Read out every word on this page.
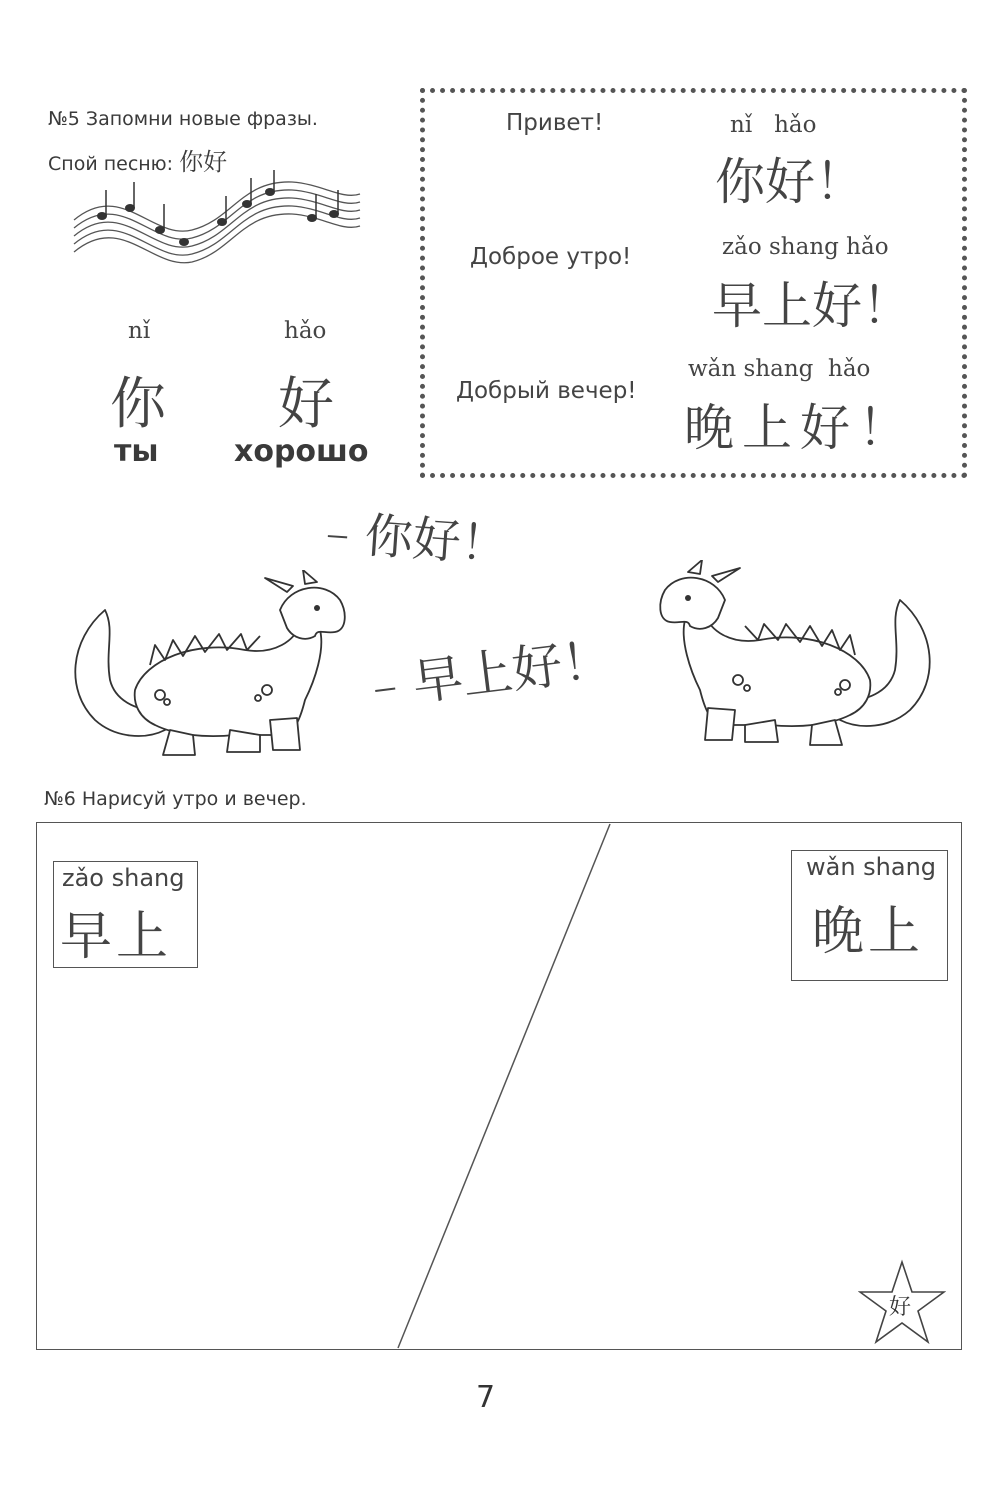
№5 Запомни новые фразы.
Спой песню: 你好
nǐ
你
ты
hǎo
好
хорошо
Привет!	nǐ   hǎo
你好！
Доброе утро!	zǎo shang hǎo
早上好！
Добрый вечер!
wǎn shang  hǎo
晚上好！
– 你好！
– 早上好！
№6 Нарисуй утро и вечер.
zǎo shang
早上
wǎn shang
晚上
好
7
